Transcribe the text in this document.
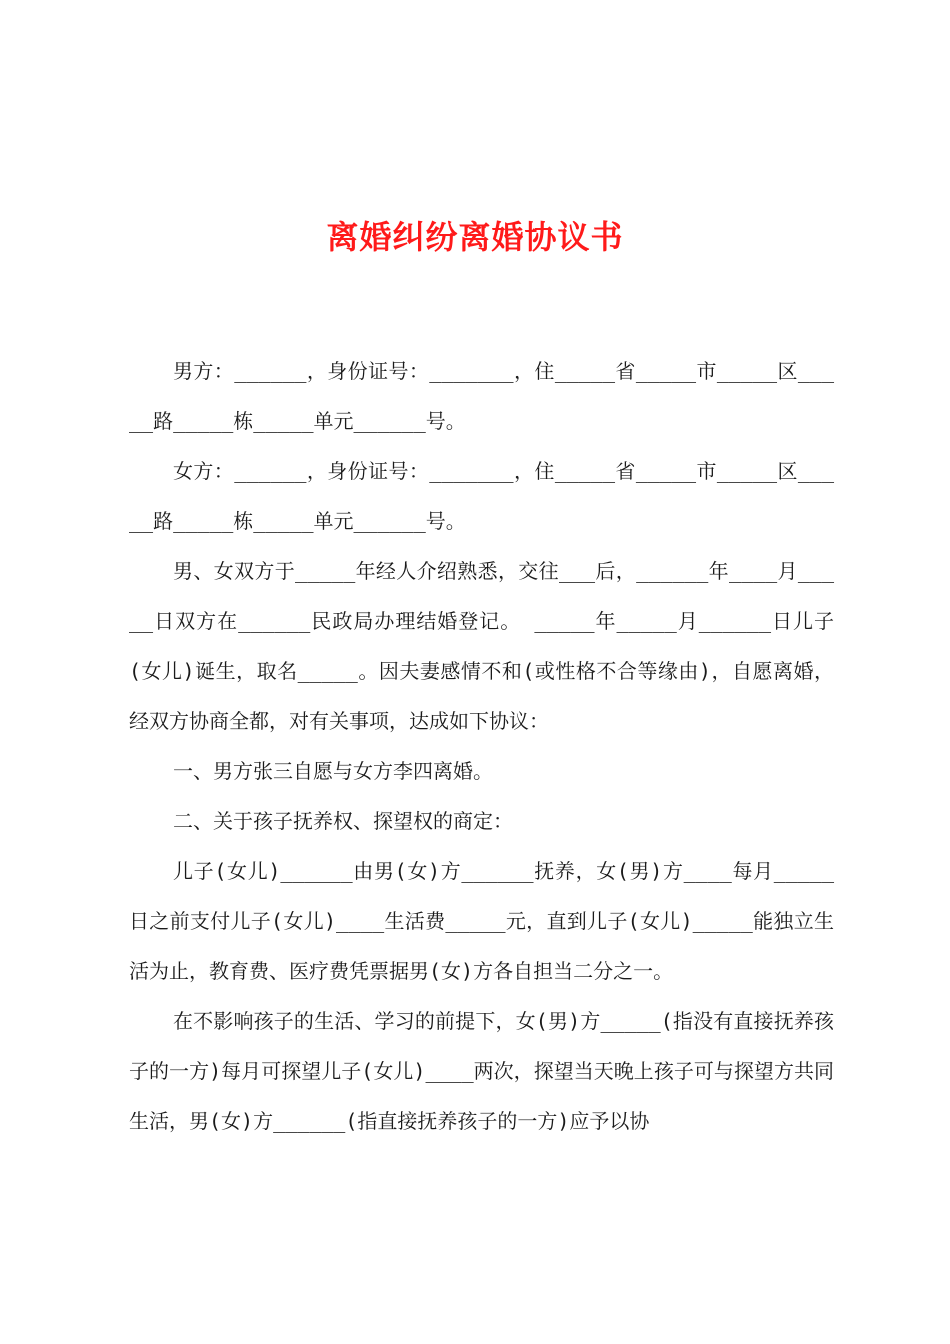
离婚纠纷离婚协议书

男方：______，身份证号：_______，住_____省_____市_____区_____路_____栋_____单元______号。

女方：______，身份证号：_______，住_____省_____市_____区_____路_____栋_____单元______号。

男、女双方于_____年经人介绍熟悉，交往___后，______年____月_____日双方在______民政局办理结婚登记。 _____年_____月______日儿子(女儿)诞生，取名_____。因夫妻感情不和(或性格不合等缘由)，自愿离婚，经双方协商全都，对有关事项，达成如下协议：

一、男方张三自愿与女方李四离婚。

二、关于孩子抚养权、探望权的商定：

儿子(女儿)______由男(女)方______抚养，女(男)方____每月_____日之前支付儿子(女儿)____生活费_____元，直到儿子(女儿)_____能独立生活为止，教育费、医疗费凭票据男(女)方各自担当二分之一。

在不影响孩子的生活、学习的前提下，女(男)方_____(指没有直接抚养孩子的一方)每月可探望儿子(女儿)____两次，探望当天晚上孩子可与探望方共同生活，男(女)方______(指直接抚养孩子的一方)应予以协
